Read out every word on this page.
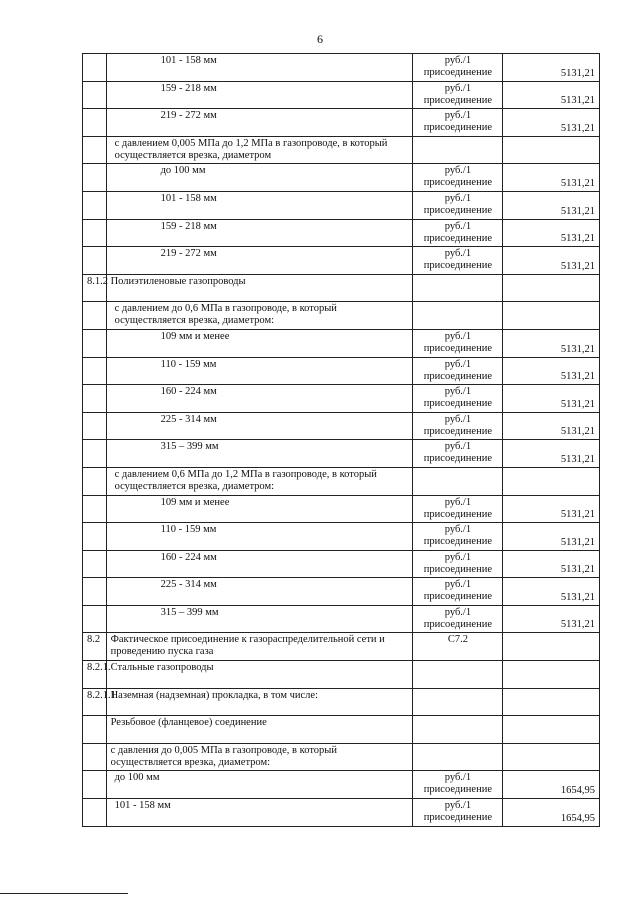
6
	101 - 158 мм	руб./1 присоединение	5131,21
	159 - 218 мм	руб./1 присоединение	5131,21
	219 - 272 мм	руб./1 присоединение	5131,21
	с давлением 0,005 МПа до 1,2 МПа в газопроводе, в который осуществляется врезка, диаметром		
	до 100 мм	руб./1 присоединение	5131,21
	101 - 158 мм	руб./1 присоединение	5131,21
	159 - 218 мм	руб./1 присоединение	5131,21
	219 - 272 мм	руб./1 присоединение	5131,21
8.1.2	Полиэтиленовые газопроводы		
	с давлением до 0,6 МПа в газопроводе, в который осуществляется врезка, диаметром:		
	109 мм и менее	руб./1 присоединение	5131,21
	110 - 159 мм	руб./1 присоединение	5131,21
	160 - 224 мм	руб./1 присоединение	5131,21
	225 - 314 мм	руб./1 присоединение	5131,21
	315 – 399 мм	руб./1 присоединение	5131,21
	с давлением 0,6 МПа до 1,2 МПа в газопроводе, в который осуществляется врезка, диаметром:		
	109 мм и менее	руб./1 присоединение	5131,21
	110 - 159 мм	руб./1 присоединение	5131,21
	160 - 224 мм	руб./1 присоединение	5131,21
	225 - 314 мм	руб./1 присоединение	5131,21
	315 – 399 мм	руб./1 присоединение	5131,21
8.2	Фактическое присоединение к газораспределительной сети и проведению пуска газа	С7.2	
8.2.1.	Стальные газопроводы		
8.2.1.1	Наземная (надземная) прокладка, в том числе:		
	Резьбовое (фланцевое) соединение		
	с давления до 0,005 МПа в газопроводе, в который осуществляется врезка, диаметром:		
	до 100 мм	руб./1 присоединение	1654,95
	101 - 158 мм	руб./1 присоединение	1654,95
